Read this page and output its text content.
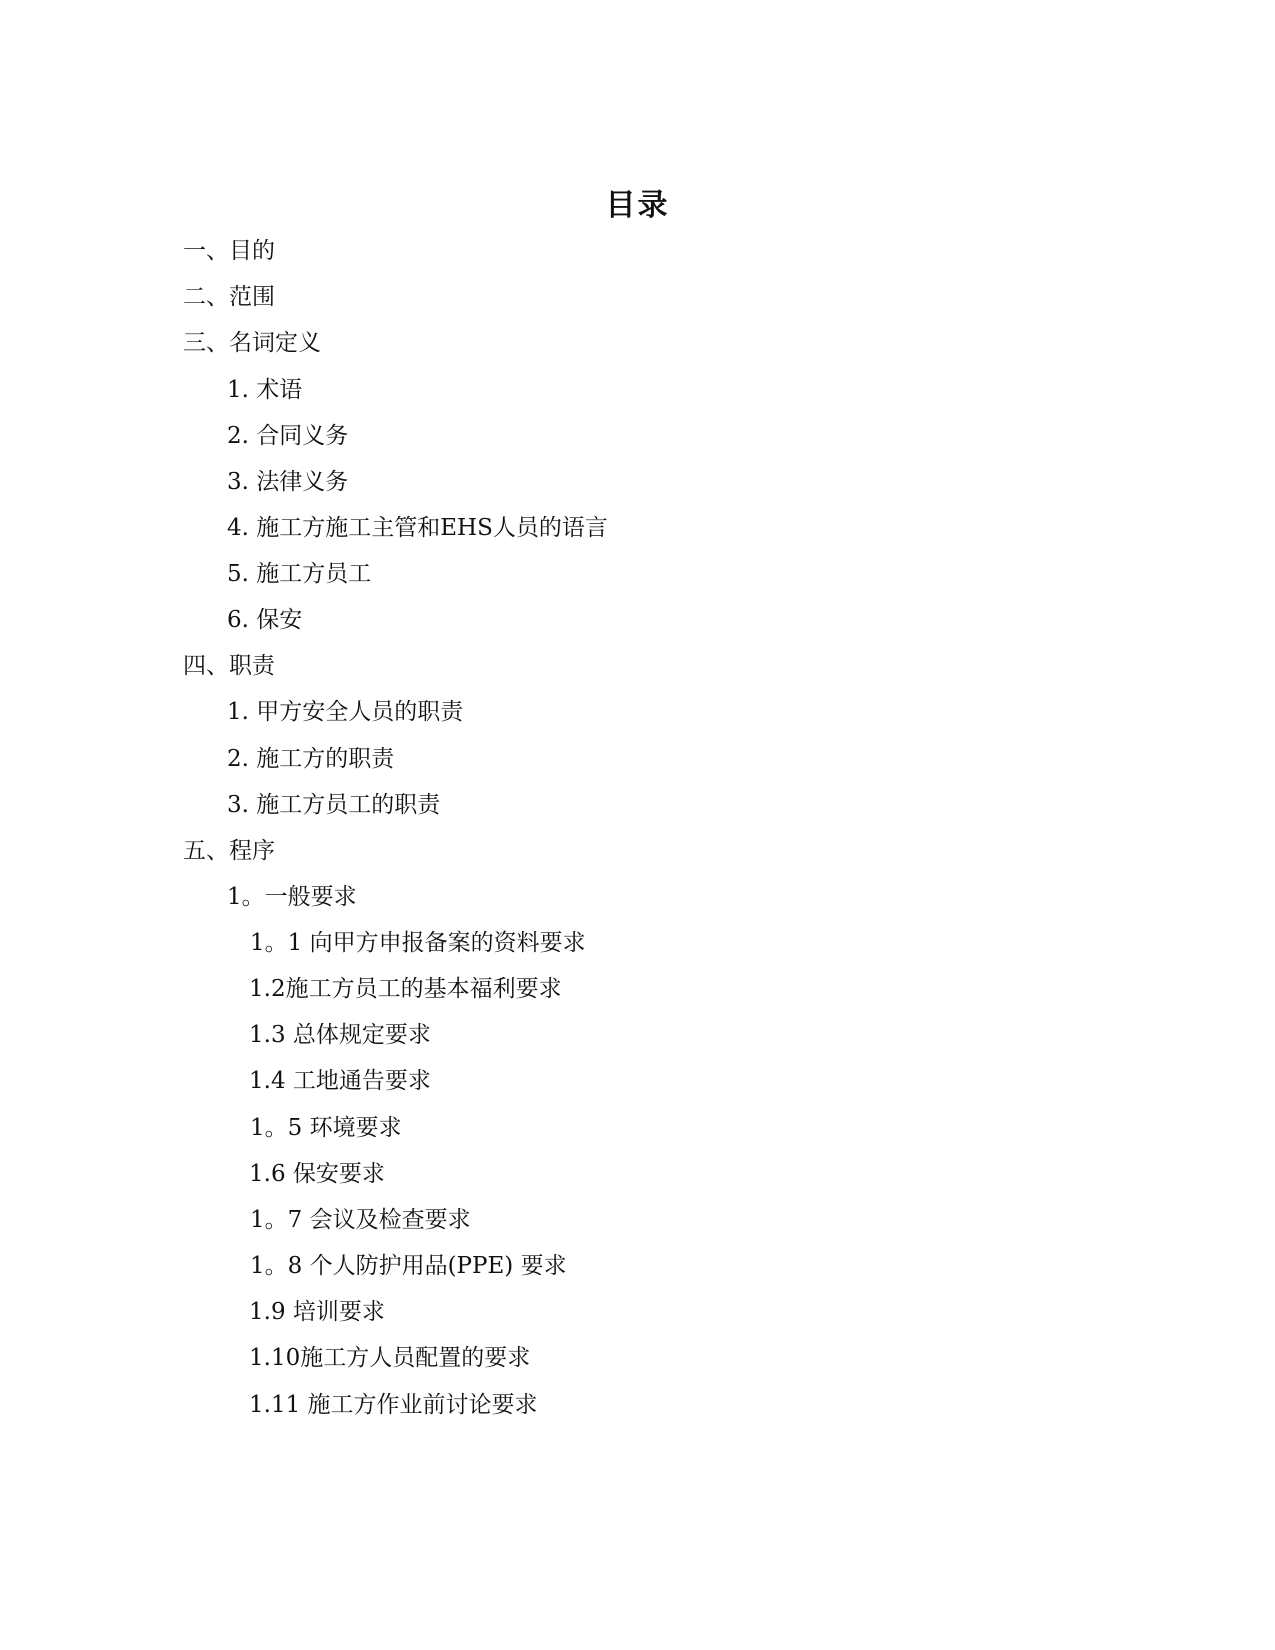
目录
一、目的
二、范围
三、名词定义
1. 术语
2. 合同义务
3. 法律义务
4. 施工方施工主管和EHS人员的语言
5. 施工方员工
6. 保安
四、职责
1. 甲方安全人员的职责
2. 施工方的职责
3. 施工方员工的职责
五、程序
1。一般要求
1。1 向甲方申报备案的资料要求
1.2施工方员工的基本福利要求
1.3 总体规定要求
1.4 工地通告要求
1。5 环境要求
1.6 保安要求
1。7 会议及检查要求
1。8 个人防护用品(PPE) 要求
1.9 培训要求
1.10施工方人员配置的要求
1.11 施工方作业前讨论要求
